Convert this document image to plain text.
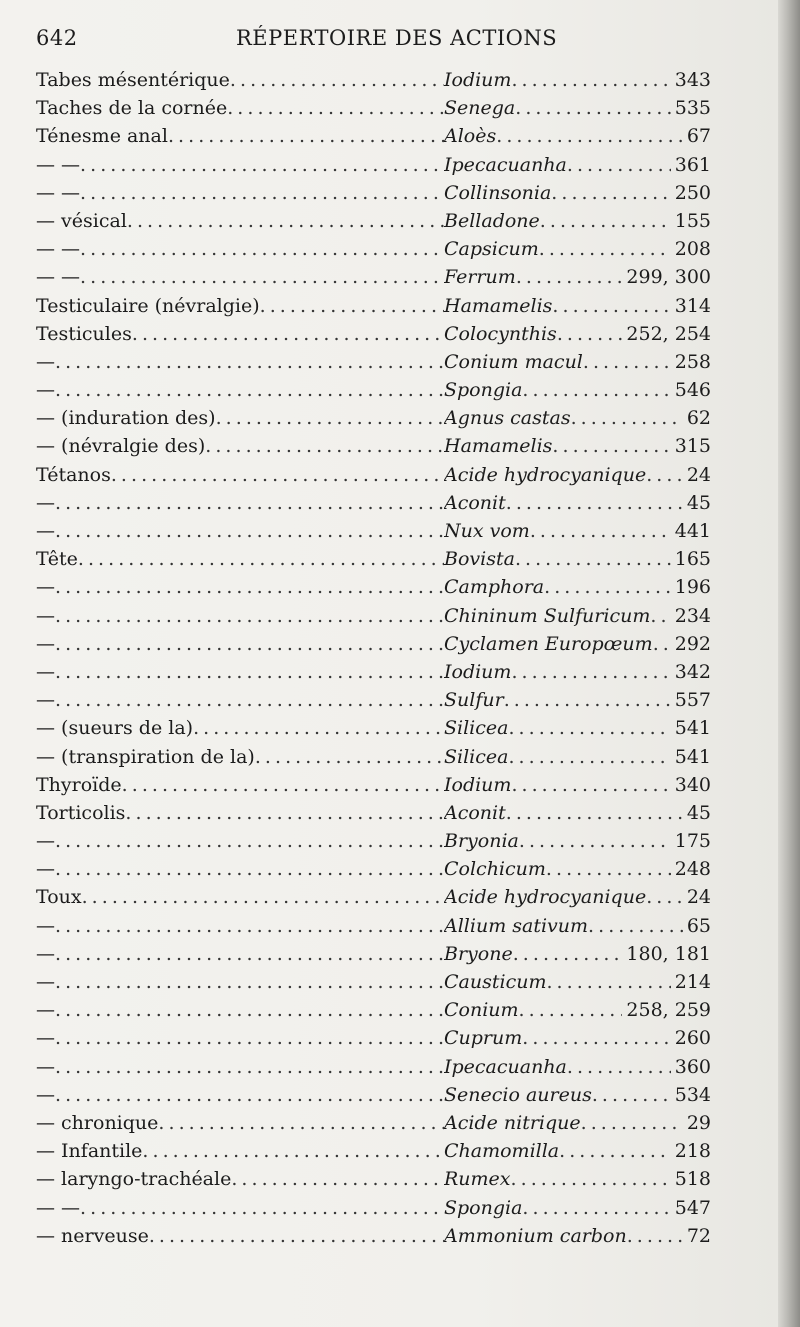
642	RÉPERTOIRE DES ACTIONS
Tabes mésentérique . . .	Iodium . . .	343
Taches de la cornée . . .	Senega . . .	535
Ténesme anal . . .	Aloès . . .	67
— — . . .	Ipecacuanha . . .	361
— — . . .	Collinsonia . . .	250
— vésical . . .	Belladone . . .	155
— — . . .	Capsicum . . .	208
— — . . .	Ferrum . . .	299, 300
Testiculaire (névralgie) . . .	Hamamelis . . .	314
Testicules . . .	Colocynthis . . .	252, 254
— . . .	Conium macul . . .	258
— . . .	Spongia . . .	546
— (induration des) . . .	Agnus castas . . .	62
— (névralgie des) . . .	Hamamelis . . .	315
Tétanos . . .	Acide hydrocyanique . . . 24
— . . .	Aconit . . .	45
— . . .	Nux vom . . .	441
Tête . . .	Bovista . . .	165
— . . .	Camphora . . .	196
— . . .	Chininum Sulfuricum . . . 234
— . . .	Cyclamen Europœum . . . 292
— . . .	Iodium . . .	342
— . . .	Sulfur . . .	557
— (sueurs de la) . . .	Silicea . . .	541
— (transpiration de la) . . .	Silicea . . .	541
Thyroïde . . .	Iodium . . .	340
Torticolis . . .	Aconit . . .	45
— . . .	Bryonia . . .	175
— . . .	Colchicum . . .	248
Toux . . .	Acide hydrocyanique . . . 24
— . . .	Allium sativum . . .	65
— . . .	Bryone . . .	180, 181
— . . .	Causticum . . .	214
— . . .	Conium . . .	258, 259
— . . .	Cuprum . . .	260
— . . .	Ipecacuanha . . .	360
— . . .	Senecio aureus . . .	534
— chronique . . .	Acide nitrique . . .	29
— Infantile . . .	Chamomilla . . .	218
— laryngo-trachéale . . .	Rumex . . .	518
— — . . .	Spongia . . .	547
— nerveuse . . .	Ammonium carbon . . .	72
